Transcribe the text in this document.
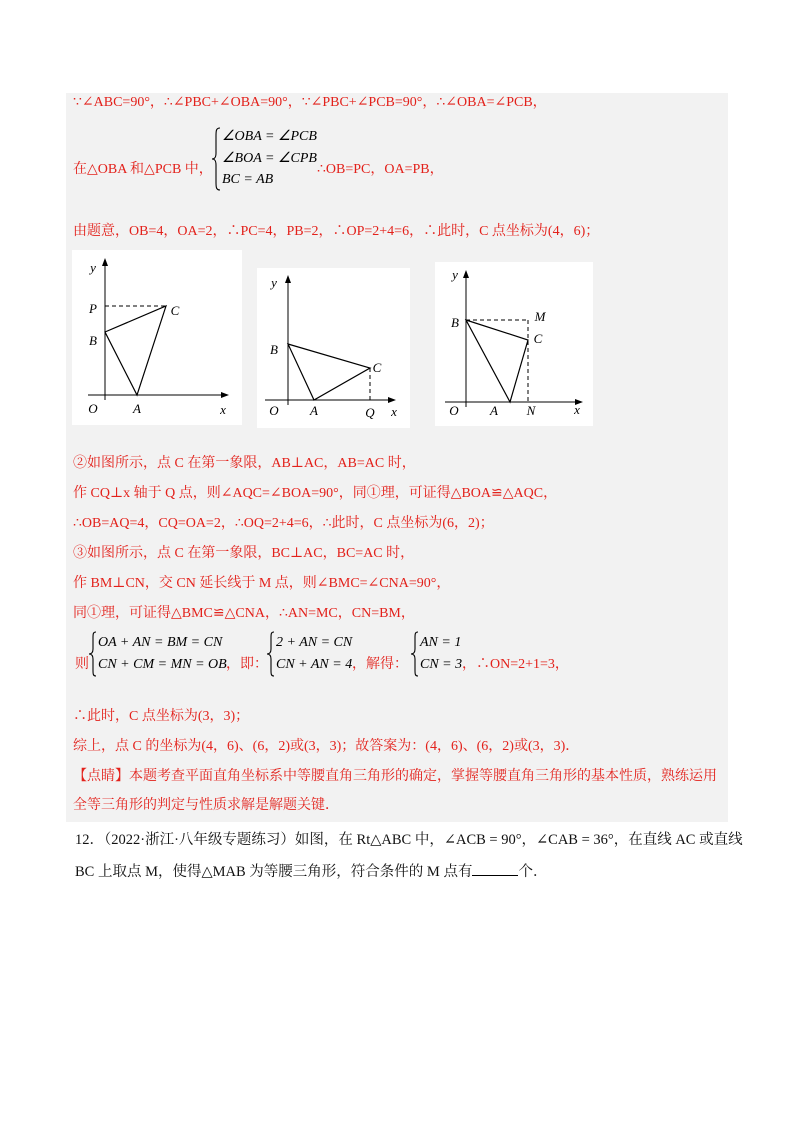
∵∠ABC=90°，∴∠PBC+∠OBA=90°，∵∠PBC+∠PCB=90°，∴∠OBA=∠PCB，
在△OBA 和△PCB 中，
∠OBA = ∠PCB
∠BOA = ∠CPB
BC = AB
∴OB=PC，OA=PB，
由题意，OB=4，OA=2，∴PC=4，PB=2，∴OP=2+4=6，∴此时，C 点坐标为(4，6)；
y
P	C
B
O	A	x
y
B
C
O A	Q x
y
M
B
C
O A N	x
②如图所示，点 C 在第一象限，AB⊥AC，AB=AC 时，
作 CQ⊥x 轴于 Q 点，则∠AQC=∠BOA=90°，同①理，可证得△BOA≌△AQC，
∴OB=AQ=4，CQ=OA=2，∴OQ=2+4=6，∴此时，C 点坐标为(6，2)；
③如图所示，点 C 在第一象限，BC⊥AC，BC=AC 时，
作 BM⊥CN，交 CN 延长线于 M 点，则∠BMC=∠CNA=90°，
同①理，可证得△BMC≌△CNA，∴AN=MC，CN=BM，
则
OA + AN = BM = CN
CN + CM = MN = OB ，即：
2 + AN = CN
CN + AN = 4 ，解得：
AN = 1
CN = 3 ，∴ON=2+1=3，
∴此时，C 点坐标为(3，3)；
综上，点 C 的坐标为(4，6)、(6，2)或(3，3)；故答案为：(4，6)、(6，2)或(3，3)．
【点睛】本题考查平面直角坐标系中等腰直角三角形的确定，掌握等腰直角三角形的基本性质，熟练运用
全等三角形的判定与性质求解是解题关键．
12．（2022·浙江·八年级专题练习）如图，在 Rt△ABC 中，∠ACB = 90°，∠CAB = 36°，在直线 AC 或直线
BC 上取点 M，使得△MAB 为等腰三角形，符合条件的 M 点有	个．
